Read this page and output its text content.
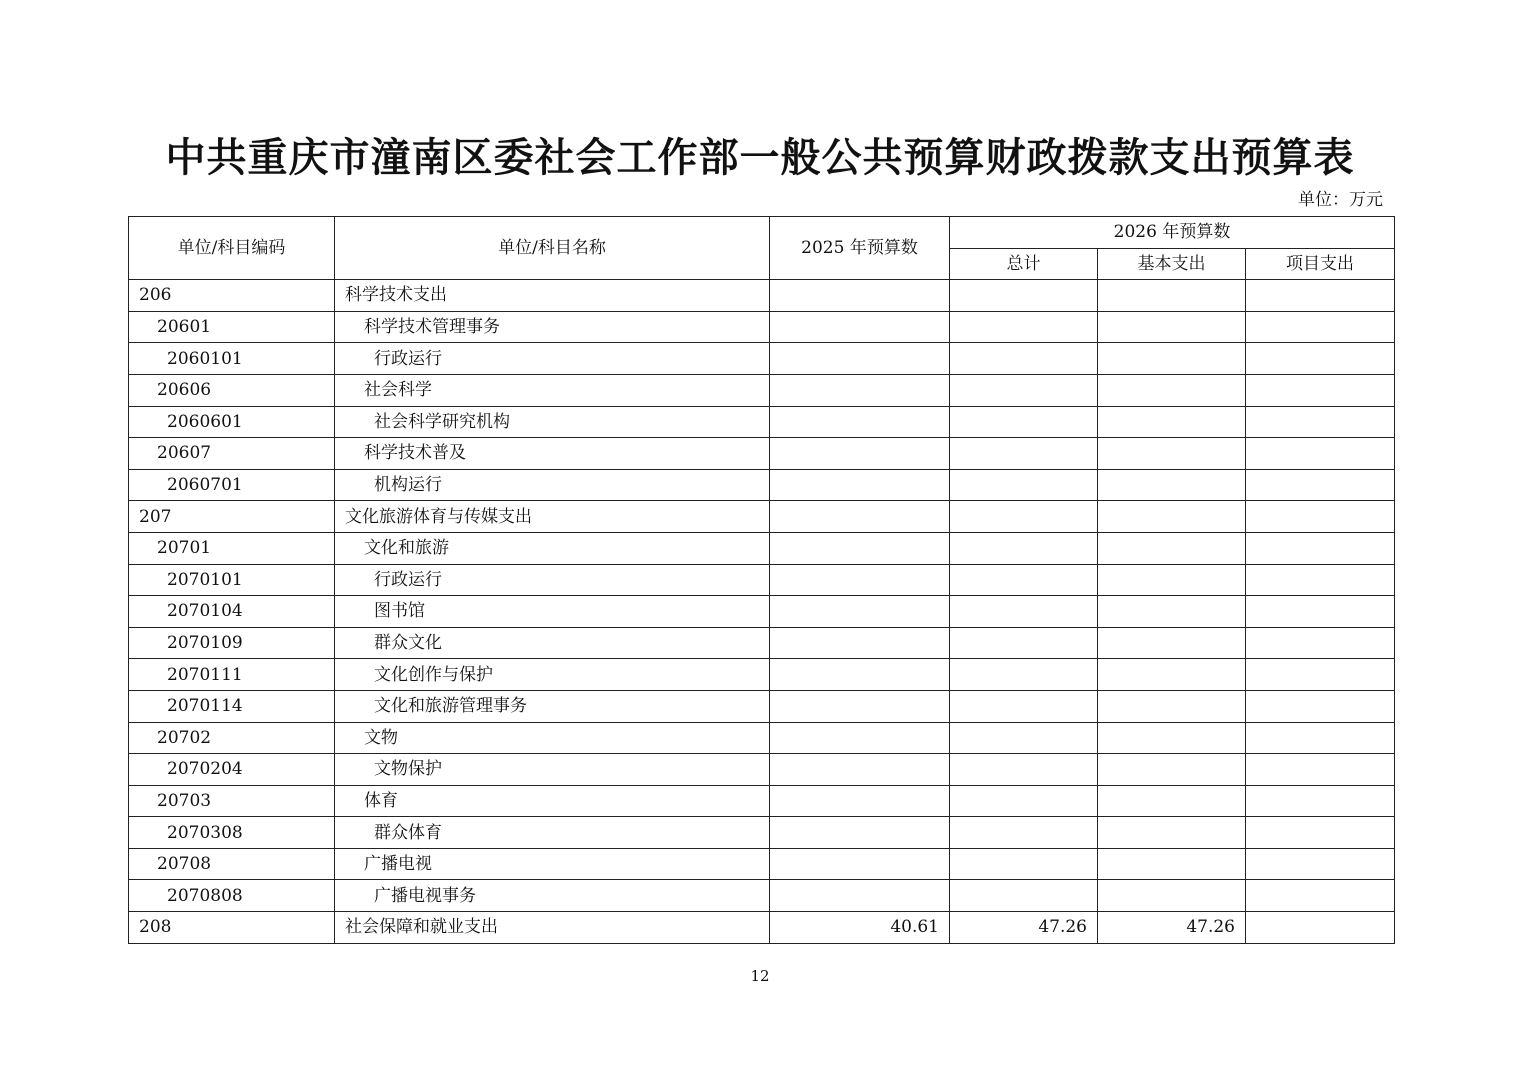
中共重庆市潼南区委社会工作部一般公共预算财政拨款支出预算表
单位：万元
单位/科目编码	单位/科目名称	2025 年预算数	2026 年预算数		
			总计	基本支出	项目支出
206	科学技术支出				
20601	科学技术管理事务				
2060101	行政运行				
20606	社会科学				
2060601	社会科学研究机构				
20607	科学技术普及				
2060701	机构运行				
207	文化旅游体育与传媒支出				
20701	文化和旅游				
2070101	行政运行				
2070104	图书馆				
2070109	群众文化				
2070111	文化创作与保护				
2070114	文化和旅游管理事务				
20702	文物				
2070204	文物保护				
20703	体育				
2070308	群众体育				
20708	广播电视				
2070808	广播电视事务				
208	社会保障和就业支出	40.61	47.26	47.26	
12
